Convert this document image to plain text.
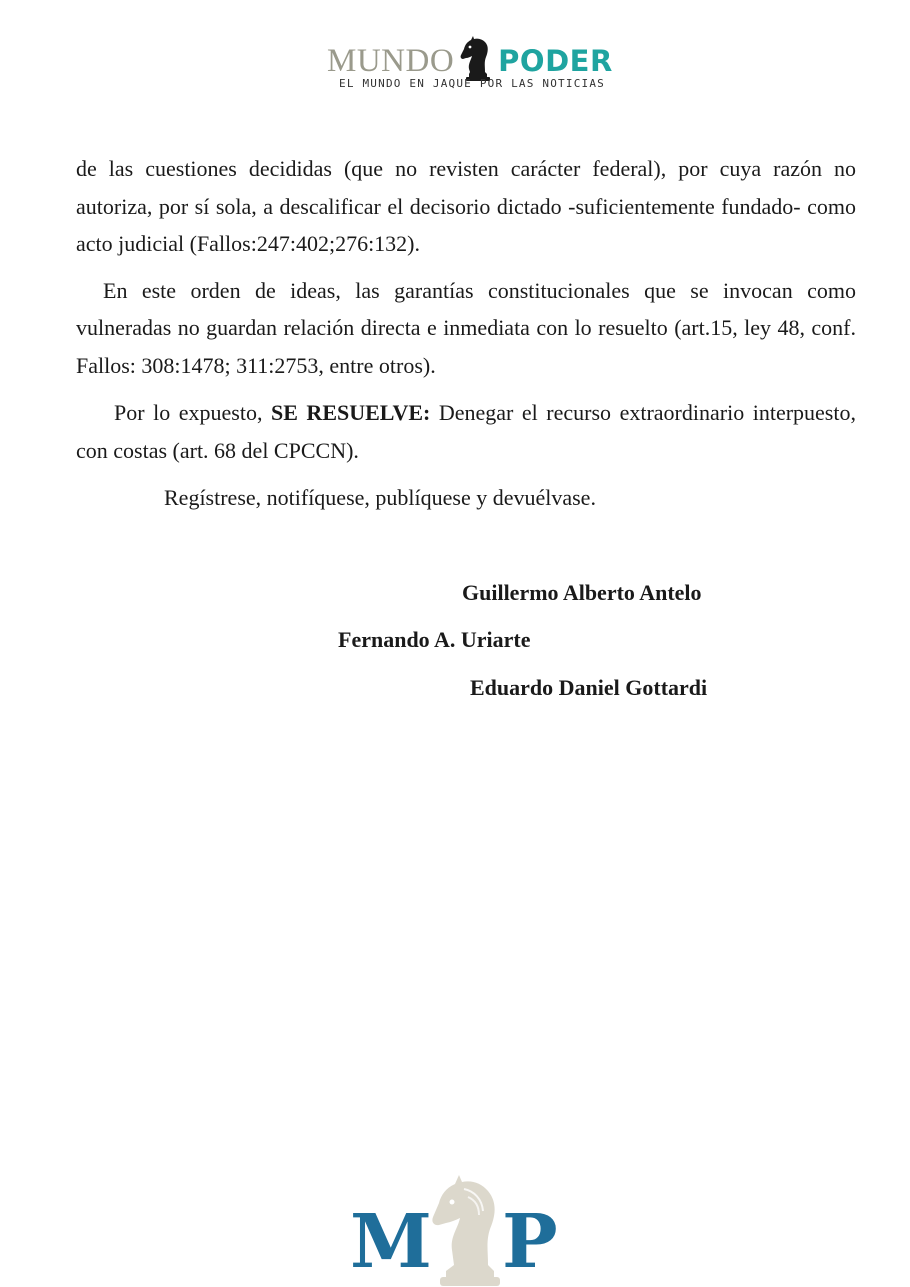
MUNDO PODER
EL MUNDO EN JAQUE POR LAS NOTICIAS

de las cuestiones decididas (que no revisten carácter federal), por cuya razón no autoriza, por sí sola, a descalificar el decisorio dictado -suficientemente fundado- como acto judicial (Fallos:247:402;276:132).

En este orden de ideas, las garantías constitucionales que se invocan como vulneradas no guardan relación directa e inmediata con lo resuelto (art.15, ley 48, conf. Fallos: 308:1478; 311:2753, entre otros).

Por lo expuesto, SE RESUELVE: Denegar el recurso extraordinario interpuesto, con costas (art. 68 del CPCCN).

Regístrese, notifíquese, publíquese y devuélvase.

Guillermo Alberto Antelo
Fernando A. Uriarte
Eduardo Daniel Gottardi
M P
